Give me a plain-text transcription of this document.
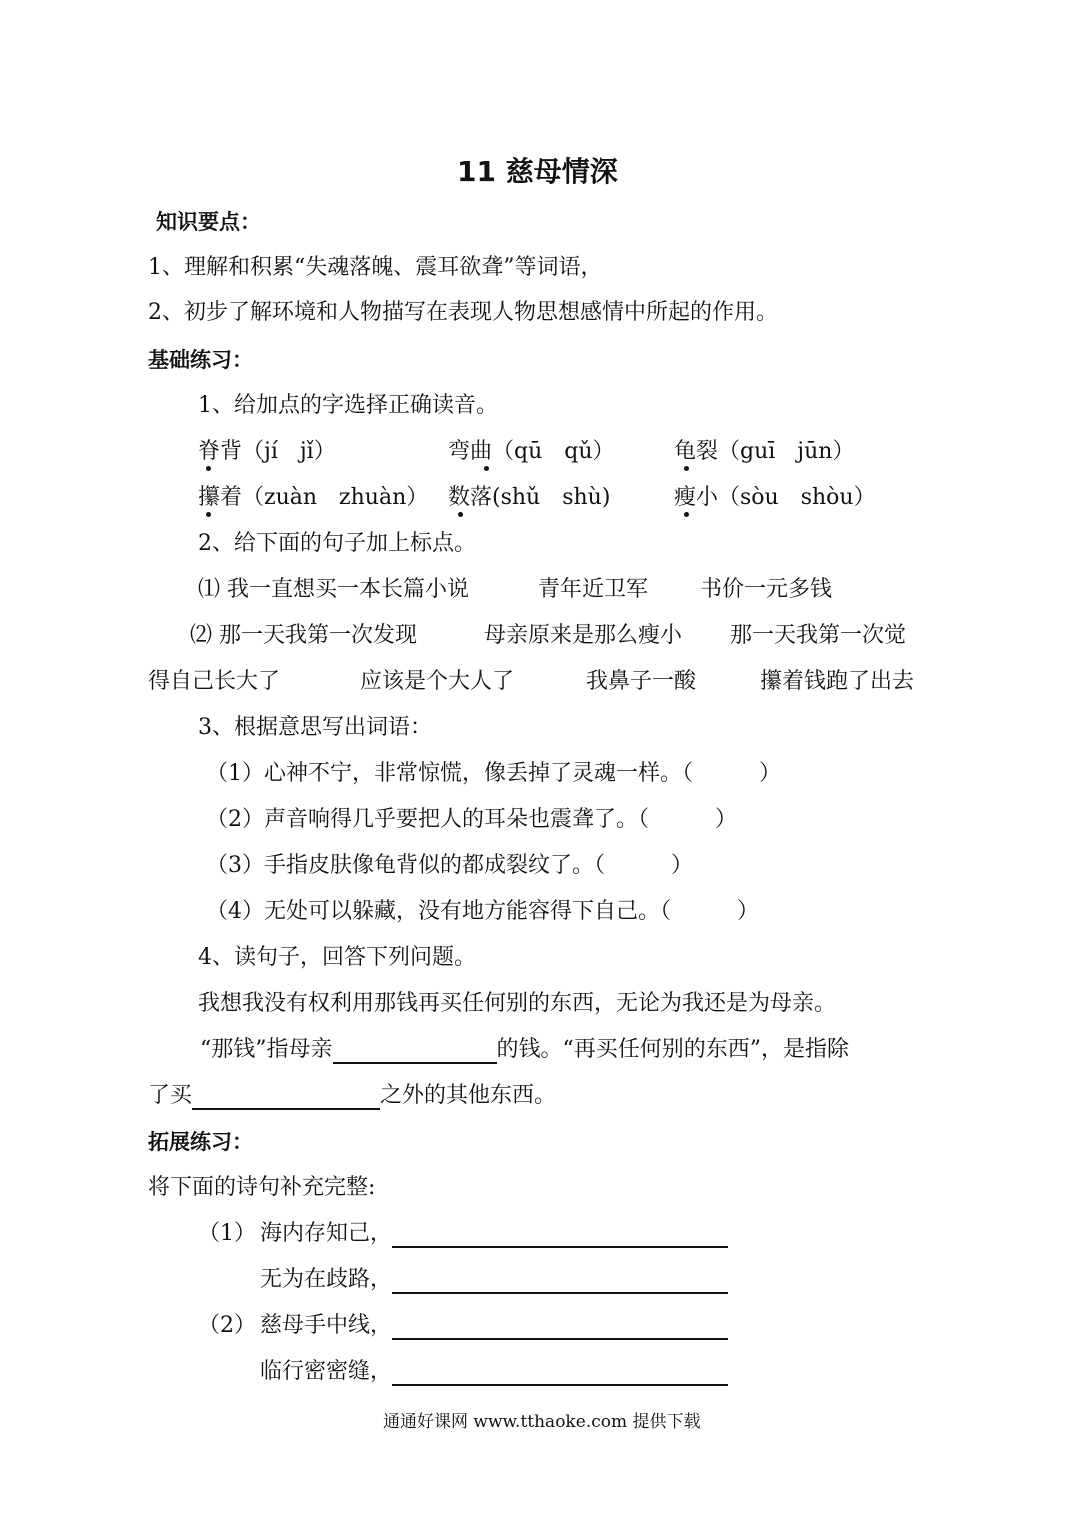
11 慈母情深
知识要点：
1、理解和积累“失魂落魄、震耳欲聋”等词语，
2、初步了解环境和人物描写在表现人物思想感情中所起的作用。
基础练习：
1、给加点的字选择正确读音。
脊背（jí　jǐ）	弯曲（qū　qǔ）	龟裂（guī　jūn）
攥着（zuàn　zhuàn） 数落(shǔ　shù)	瘦小（sòu　shòu）
2、给下面的句子加上标点。
⑴ 我一直想买一本长篇小说	青年近卫军 书价一元多钱
⑵ 那一天我第一次发现	母亲原来是那么瘦小 那一天我第一次觉
得自己长大了	应该是个大人了	我鼻子一酸	攥着钱跑了出去
3、根据意思写出词语：
（1）心神不宁，非常惊慌，像丢掉了灵魂一样。（　　　）
（2）声音响得几乎要把人的耳朵也震聋了。（　　　）
（3）手指皮肤像龟背似的都成裂纹了。（　　　）
（4）无处可以躲藏，没有地方能容得下自己。（　　　）
4、读句子，回答下列问题。
我想我没有权利用那钱再买任何别的东西，无论为我还是为母亲。
“那钱”指母亲	的钱。“再买任何别的东西”，是指除
了买	之外的其他东西。
拓展练习：
将下面的诗句补充完整:
（1） 海内存知己，
无为在歧路，
（2） 慈母手中线，
临行密密缝，
通通好课网 www.tthaoke.com 提供下载
